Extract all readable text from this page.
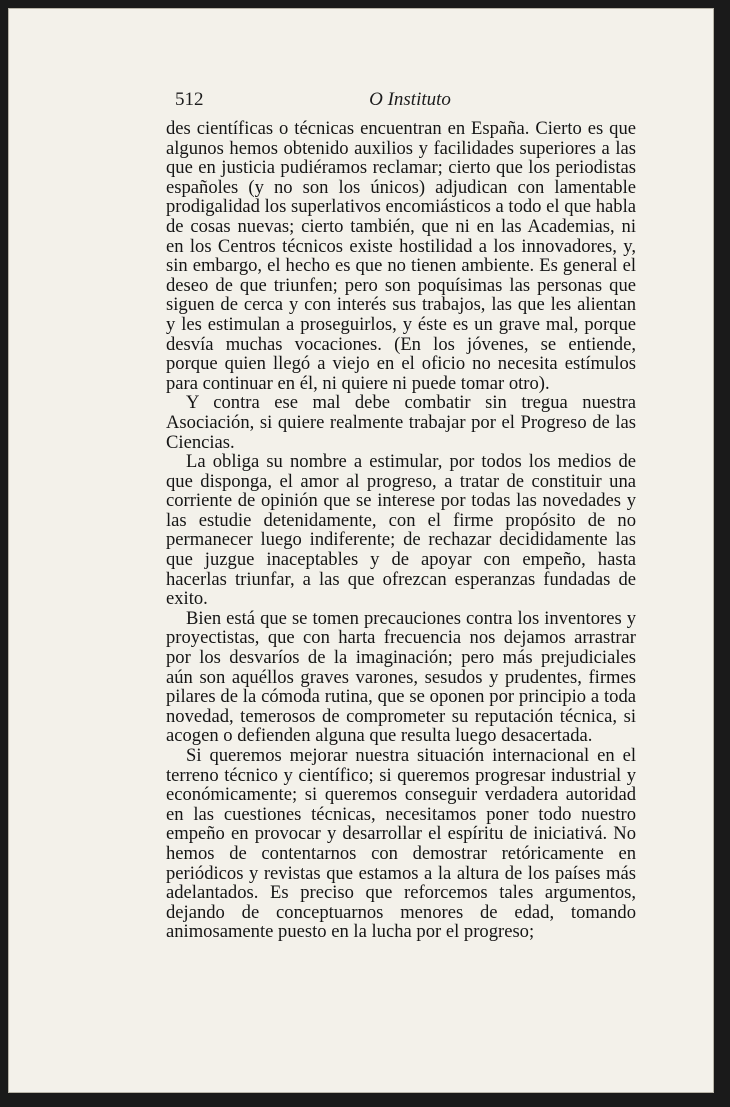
512	O Instituto

des científicas o técnicas encuentran en España. Cierto es que algunos hemos obtenido auxilios y facilidades superiores a las que en justicia pudiéramos reclamar; cierto que los periodistas españoles (y no son los únicos) adjudican con lamentable prodigalidad los superlativos encomiásticos a todo el que habla de cosas nuevas; cierto también, que ni en las Academias, ni en los Centros técnicos existe hostilidad a los innovadores, y, sin embargo, el hecho es que no tienen ambiente. Es general el deseo de que triunfen; pero son poquísimas las personas que siguen de cerca y con interés sus trabajos, las que les alientan y les estimulan a proseguirlos, y éste es un grave mal, porque desvía muchas vocaciones. (En los jóvenes, se entiende, porque quien llegó a viejo en el oficio no necesita estímulos para continuar en él, ni quiere ni puede tomar otro).

Y contra ese mal debe combatir sin tregua nuestra Asociación, si quiere realmente trabajar por el Progreso de las Ciencias.

La obliga su nombre a estimular, por todos los medios de que disponga, el amor al progreso, a tratar de constituir una corriente de opinión que se interese por todas las novedades y las estudie detenidamente, con el firme propósito de no permanecer luego indiferente; de rechazar decididamente las que juzgue inaceptables y de apoyar con empeño, hasta hacerlas triunfar, a las que ofrezcan esperanzas fundadas de exito.

Bien está que se tomen precauciones contra los inventores y proyectistas, que con harta frecuencia nos dejamos arrastrar por los desvaríos de la imaginación; pero más prejudiciales aún son aquéllos graves varones, sesudos y prudentes, firmes pilares de la cómoda rutina, que se oponen por principio a toda novedad, temerosos de comprometer su reputación técnica, si acogen o defienden alguna que resulta luego desacertada.

Si queremos mejorar nuestra situación internacional en el terreno técnico y científico; si queremos progresar industrial y económicamente; si queremos conseguir verdadera autoridad en las cuestiones técnicas, necesitamos poner todo nuestro empeño en provocar y desarrollar el espíritu de iniciativá. No hemos de contentarnos con demostrar retóricamente en periódicos y revistas que estamos a la altura de los países más adelantados. Es preciso que reforcemos tales argumentos, dejando de conceptuarnos menores de edad, tomando animosamente puesto en la lucha por el progreso;
